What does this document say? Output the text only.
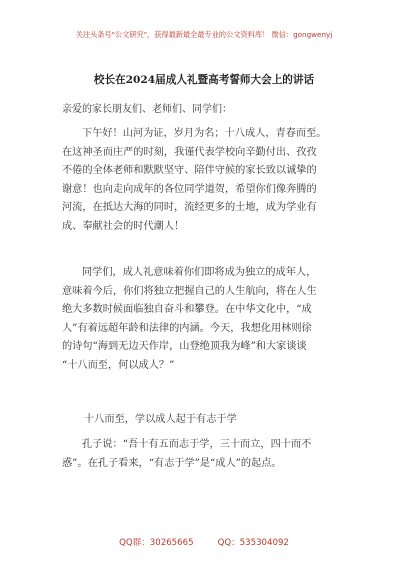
关注头条号"公文研究"，获得最新最全最专业的公文资料库！ 微信：gongwenyj
校长在2024届成人礼暨高考誓师大会上的讲话
亲爱的家长朋友们、老师们、同学们：

下午好！山河为证，岁月为名；十八成人，青春而至。
在这神圣而庄严的时刻，我谨代表学校向辛勤付出、孜孜
不倦的全体老师和默默坚守、陪伴守候的家长致以诚挚的
谢意！也向走向成年的各位同学道贺，希望你们像奔腾的
河流，在抵达大海的同时，流经更多的土地，成为学业有
成、奉献社会的时代潮人！

同学们，成人礼意味着你们即将成为独立的成年人，
意味着今后，你们将独立把握自己的人生航向，将在人生
绝大多数时候面临独自奋斗和攀登。在中华文化中，“成
人”有着远超年龄和法律的内涵。今天，我想化用林则徐
的诗句“海到无边天作岸，山登绝顶我为峰”和大家谈谈
“十八而至，何以成人？”

十八而至，学以成人起于有志于学

孔子说：“吾十有五而志于学，三十而立，四十而不
惑”。在孔子看来，“有志于学”是“成人”的起点。

QQ群：30265665	QQ：535304092
